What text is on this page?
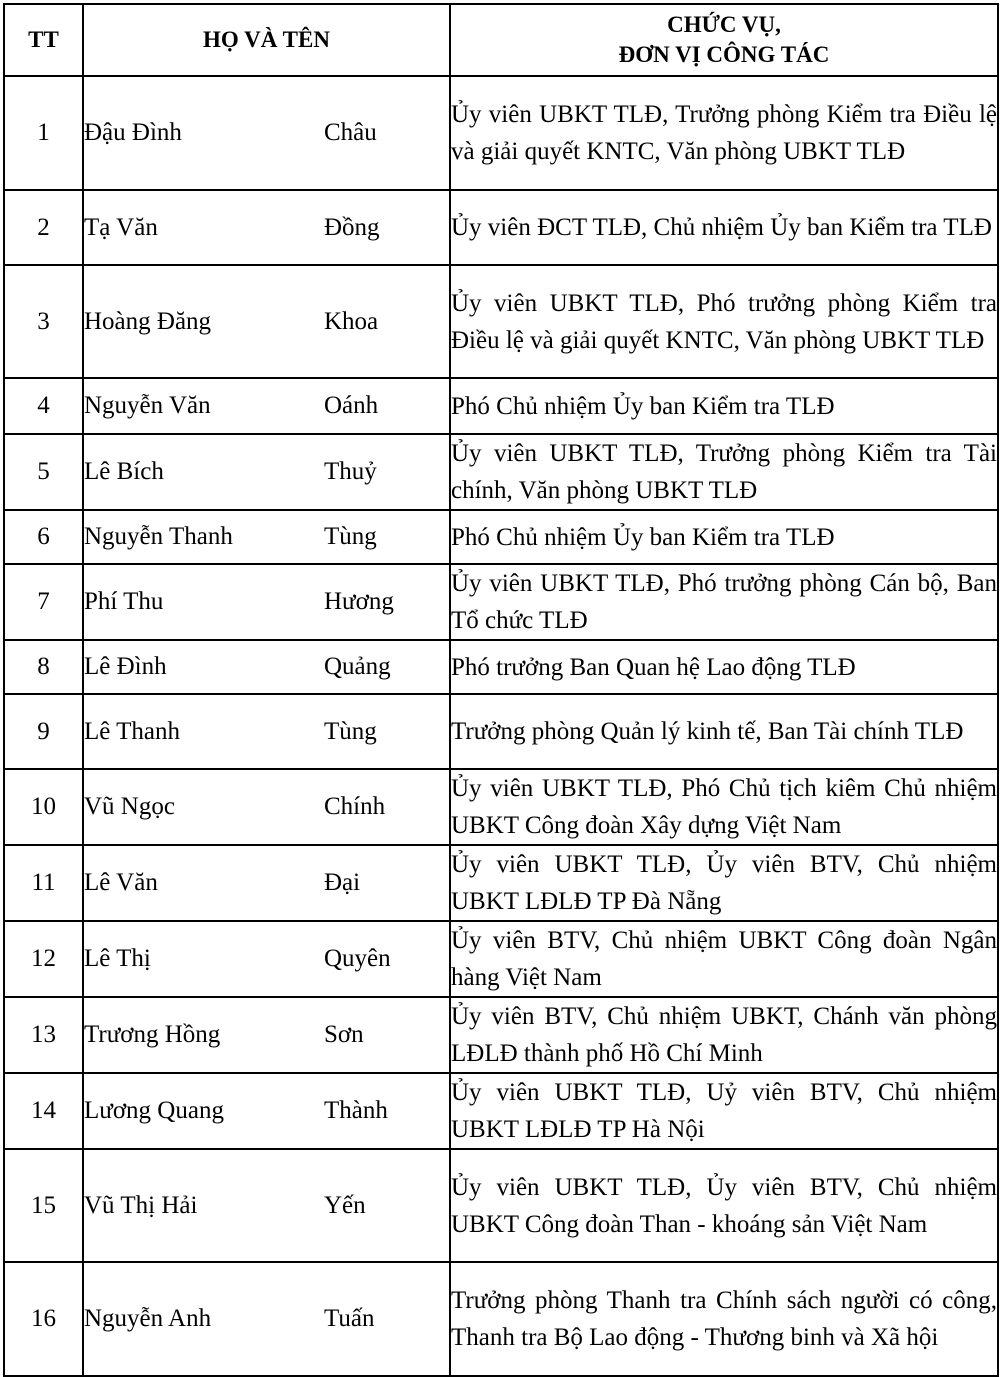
TT	HỌ VÀ TÊN	CHỨC VỤ,
ĐƠN VỊ CÔNG TÁC

1	Đậu Đình Châu	Ủy viên UBKT TLĐ, Trưởng phòng Kiểm tra Điều lệ và giải quyết KNTC, Văn phòng UBKT TLĐ
2	Tạ Văn Đồng	Ủy viên ĐCT TLĐ, Chủ nhiệm Ủy ban Kiểm tra TLĐ
3	Hoàng Đăng Khoa	Ủy viên UBKT TLĐ, Phó trưởng phòng Kiểm tra Điều lệ và giải quyết KNTC, Văn phòng UBKT TLĐ
4	Nguyễn Văn Oánh	Phó Chủ nhiệm Ủy ban Kiểm tra TLĐ
5	Lê Bích Thuỷ	Ủy viên UBKT TLĐ, Trưởng phòng Kiểm tra Tài chính, Văn phòng UBKT TLĐ
6	Nguyễn Thanh Tùng	Phó Chủ nhiệm Ủy ban Kiểm tra TLĐ
7	Phí Thu Hương	Ủy viên UBKT TLĐ, Phó trưởng phòng Cán bộ, Ban Tổ chức TLĐ
8	Lê Đình Quảng	Phó trưởng Ban Quan hệ Lao động TLĐ
9	Lê Thanh Tùng	Trưởng phòng Quản lý kinh tế, Ban Tài chính TLĐ
10	Vũ Ngọc Chính	Ủy viên UBKT TLĐ, Phó Chủ tịch kiêm Chủ nhiệm UBKT Công đoàn Xây dựng Việt Nam
11	Lê Văn Đại	Ủy viên UBKT TLĐ, Ủy viên BTV, Chủ nhiệm UBKT LĐLĐ TP Đà Nẵng
12	Lê Thị Quyên	Ủy viên BTV, Chủ nhiệm UBKT Công đoàn Ngân hàng Việt Nam
13	Trương Hồng Sơn	Ủy viên BTV, Chủ nhiệm UBKT, Chánh văn phòng LĐLĐ thành phố Hồ Chí Minh
14	Lương Quang Thành	Ủy viên UBKT TLĐ, Uỷ viên BTV, Chủ nhiệm UBKT LĐLĐ TP Hà Nội
15	Vũ Thị Hải Yến	Ủy viên UBKT TLĐ, Ủy viên BTV, Chủ nhiệm UBKT Công đoàn Than - khoáng sản Việt Nam
16	Nguyễn Anh Tuấn	Trưởng phòng Thanh tra Chính sách người có công, Thanh tra Bộ Lao động - Thương binh và Xã hội
